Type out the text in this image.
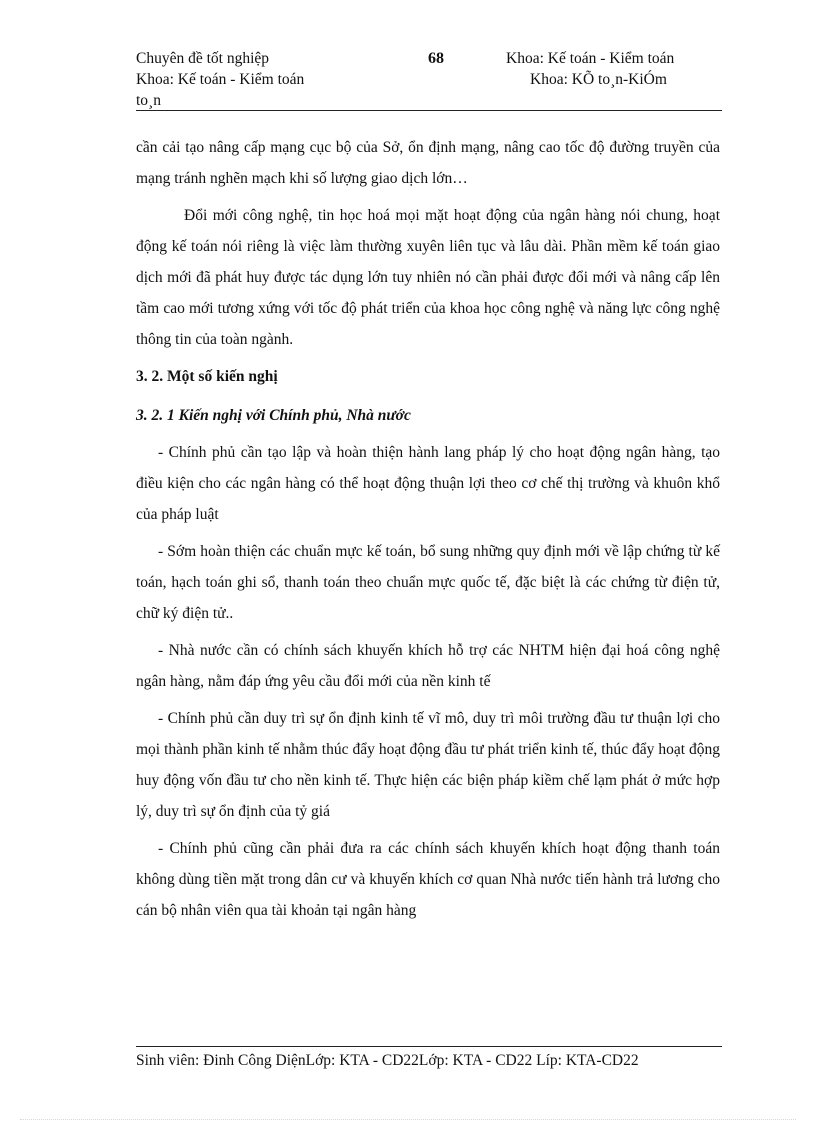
Chuyên đề tốt nghiệp
Khoa: Kế toán - Kiểm toán
to¸n
68	Khoa: Kế toán - Kiểm toán
Khoa: KÕ to¸n-KiÓm

cần cải tạo nâng cấp mạng cục bộ của Sở, ổn định mạng, nâng cao tốc độ đường truyền của mạng tránh nghẽn mạch khi số lượng giao dịch lớn…

Đổi mới công nghệ, tin học hoá mọi mặt hoạt động của ngân hàng nói chung, hoạt động kế toán nói riêng là việc làm thường xuyên liên tục và lâu dài. Phần mềm kế toán giao dịch mới đã phát huy được tác dụng lớn tuy nhiên nó cần phải được đổi mới và nâng cấp lên tầm cao mới tương xứng với tốc độ phát triển của khoa học công nghệ và năng lực công nghệ thông tin của toàn ngành.

3. 2. Một số kiến nghị

3. 2. 1 Kiến nghị với Chính phủ, Nhà nước

- Chính phủ cần tạo lập và hoàn thiện hành lang pháp lý cho hoạt động ngân hàng, tạo điều kiện cho các ngân hàng có thể hoạt động thuận lợi theo cơ chế thị trường và khuôn khổ của pháp luật

- Sớm hoàn thiện các chuẩn mực kế toán, bổ sung những quy định mới về lập chứng từ kế toán, hạch toán ghi sổ, thanh toán theo chuẩn mực quốc tế, đặc biệt là các chứng từ điện tử, chữ ký điện tử..

- Nhà nước cần có chính sách khuyến khích hỗ trợ các NHTM hiện đại hoá công nghệ ngân hàng, nằm đáp ứng yêu cầu đổi mới của nền kinh tế

- Chính phủ cần duy trì sự ổn định kinh tế vĩ mô, duy trì môi trường đầu tư thuận lợi cho mọi thành phần kinh tế nhằm thúc đẩy hoạt động đầu tư phát triển kinh tế, thúc đẩy hoạt động huy động vốn đầu tư cho nền kinh tế. Thực hiện các biện pháp kiềm chế lạm phát ở mức hợp lý, duy trì sự ổn định của tỷ giá

- Chính phủ cũng cần phải đưa ra các chính sách khuyến khích hoạt động thanh toán không dùng tiền mặt trong dân cư và khuyến khích cơ quan Nhà nước tiến hành trả lương cho cán bộ nhân viên qua tài khoản tại ngân hàng

Sinh viên: Đinh Công DiệnLớp: KTA - CD22Lớp: KTA - CD22 Líp: KTA-CD22
